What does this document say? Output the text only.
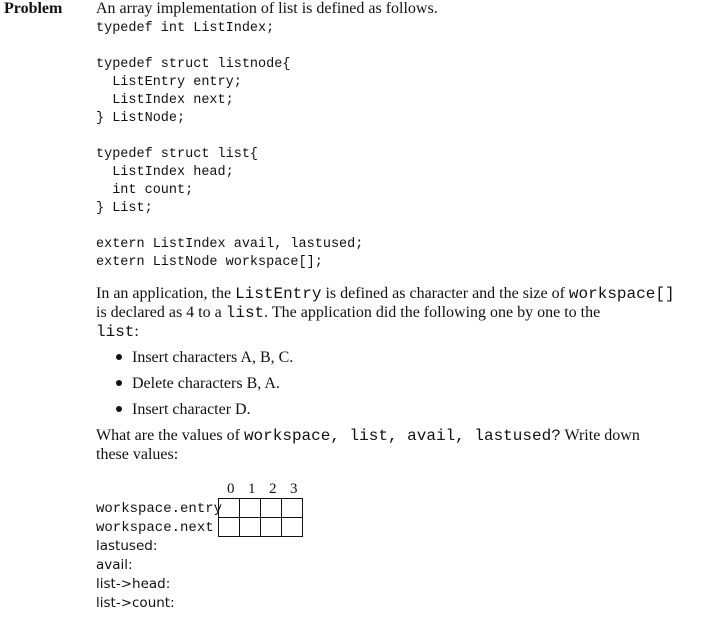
Problem An array implementation of list is defined as follows.
typedef int ListIndex;
typedef struct listnode{
ListEntry entry;
ListIndex next;
} ListNode;
typedef struct list{
ListIndex head;
int count;
} List;
extern ListIndex avail, lastused;
extern ListNode workspace[];
In an application, the ListEntry is defined as character and the size of workspace[]
is declared as 4 to a list. The application did the following one by one to the
list:
Insert characters A, B, C.
Delete characters B, A.
Insert character D.
What are the values of workspace, list, avail, lastused? Write down
these values:
0 1 2 3
workspace.entry
workspace.next

lastused:
avail:
list->head:
list->count:
